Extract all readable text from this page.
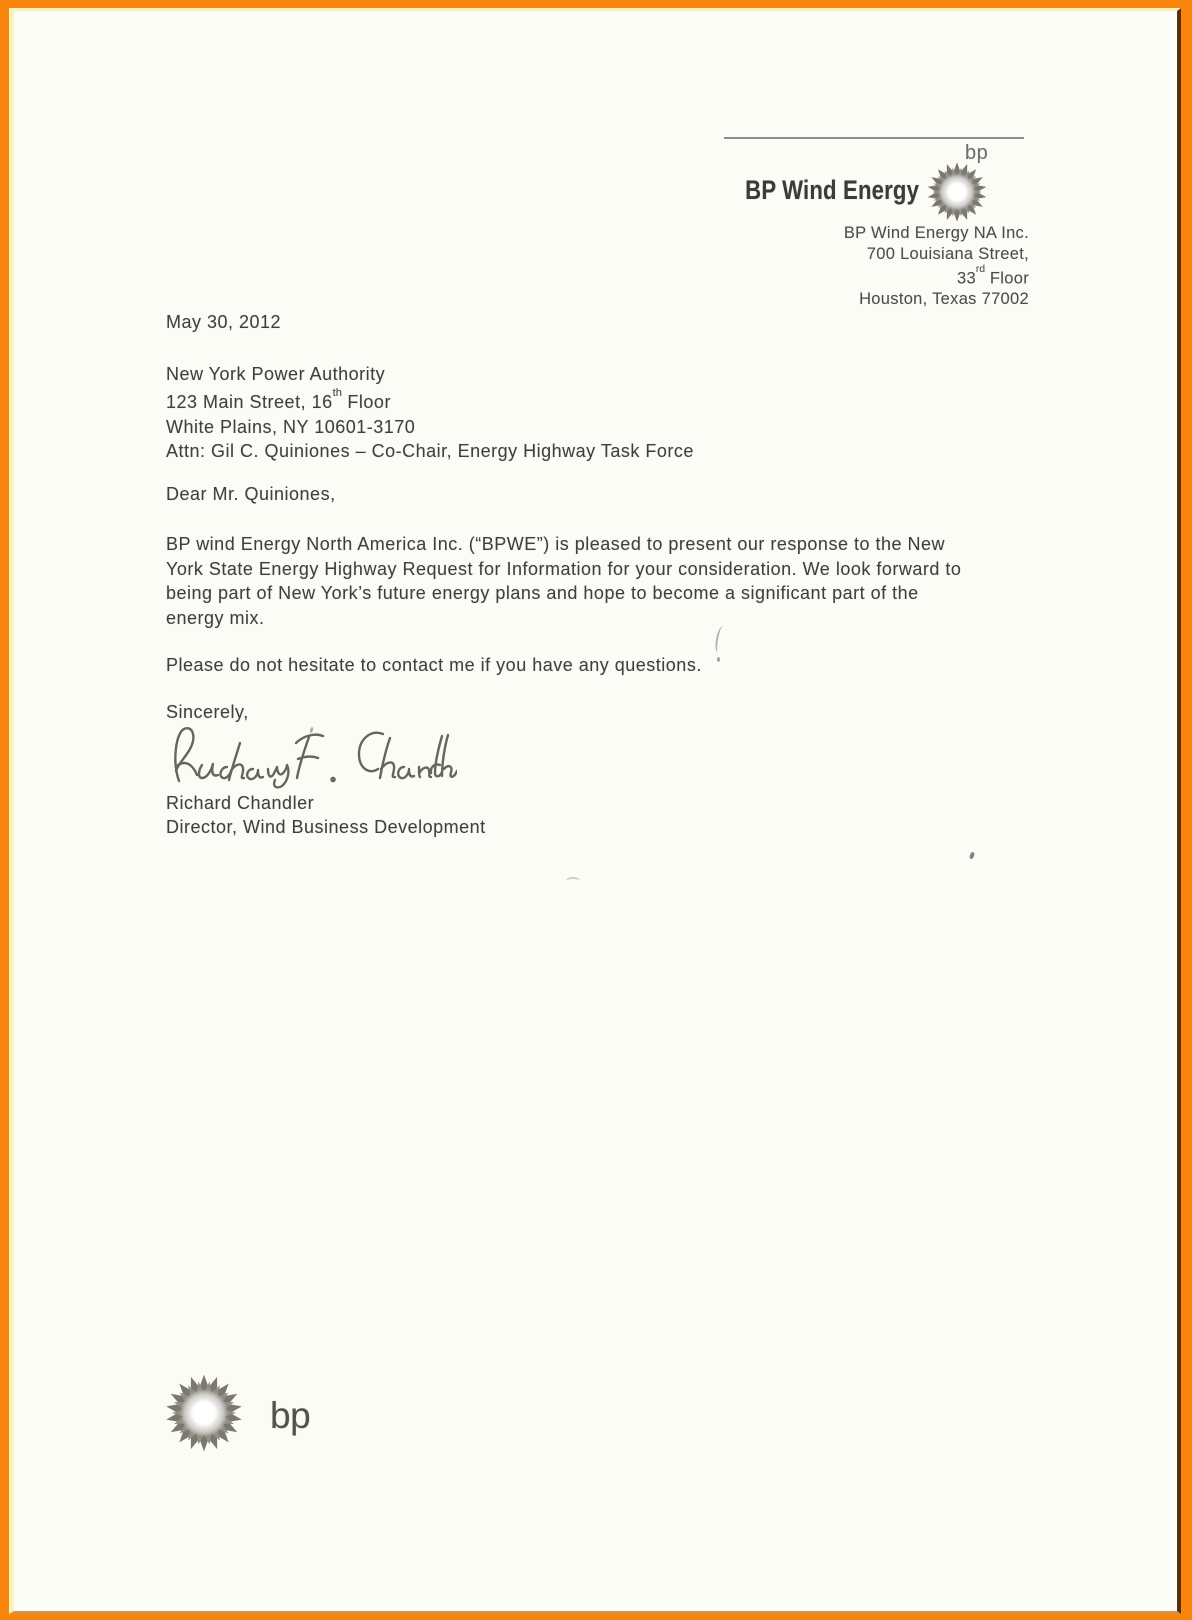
bp
BP Wind Energy
BP Wind Energy NA Inc.
700 Louisiana Street,
33rd Floor
Houston, Texas 77002
May 30, 2012
New York Power Authority
123 Main Street, 16th Floor
White Plains, NY 10601-3170
Attn: Gil C. Quiniones – Co-Chair, Energy Highway Task Force
Dear Mr. Quiniones,
BP wind Energy North America Inc. (“BPWE”) is pleased to present our response to the New
York State Energy Highway Request for Information for your consideration. We look forward to
being part of New York’s future energy plans and hope to become a significant part of the
energy mix.
Please do not hesitate to contact me if you have any questions.
Sincerely,
Richard Chandler
Director, Wind Business Development
bp
